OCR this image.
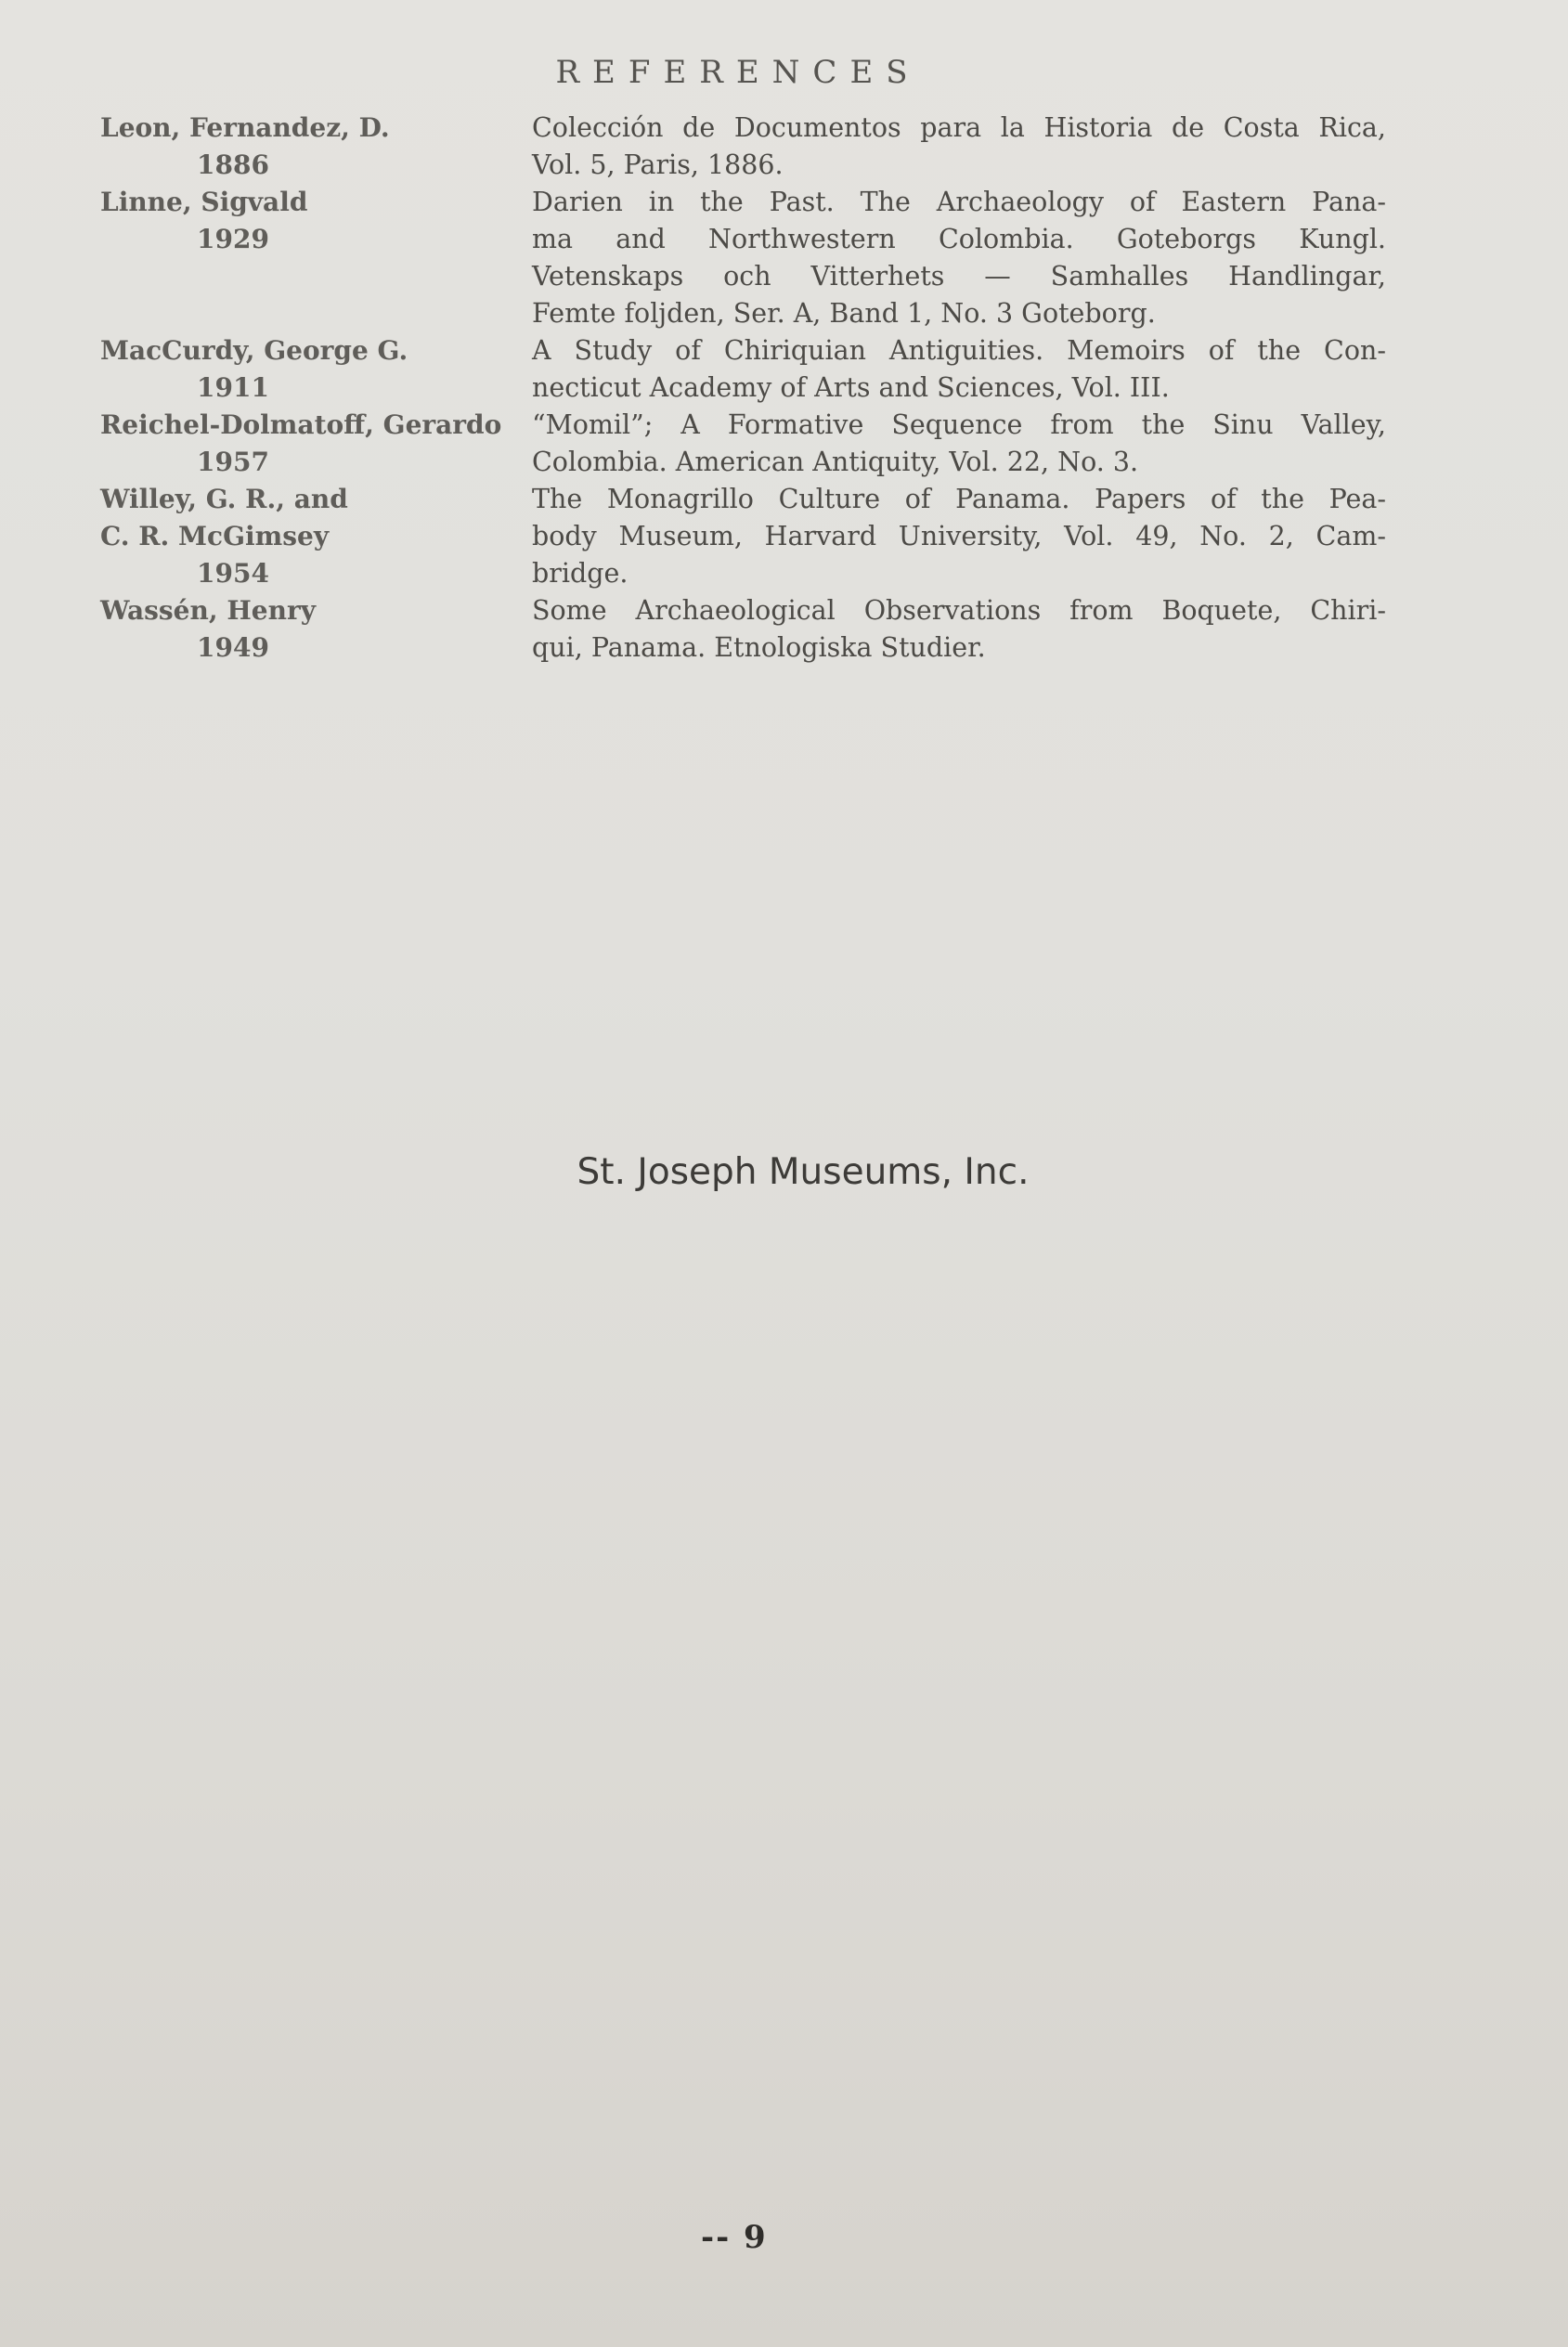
REFERENCES
Leon, Fernandez, D.
1886
Colección de Documentos para la Historia de Costa Rica,
Vol. 5, Paris, 1886.
Linne, Sigvald
1929
Darien in the Past. The Archaeology of Eastern Pana-
ma and Northwestern Colombia. Goteborgs Kungl.
Vetenskaps och Vitterhets — Samhalles Handlingar,
Femte foljden, Ser. A, Band 1, No. 3 Goteborg.
MacCurdy, George G.
1911
A Study of Chiriquian Antiguities. Memoirs of the Con-
necticut Academy of Arts and Sciences, Vol. III.
Reichel-Dolmatoff, Gerardo
1957
“Momil”; A Formative Sequence from the Sinu Valley,
Colombia. American Antiquity, Vol. 22, No. 3.
Willey, G. R., and
C. R. McGimsey
1954
The Monagrillo Culture of Panama. Papers of the Pea-
body Museum, Harvard University, Vol. 49, No. 2, Cam-
bridge.
Wassén, Henry
1949
Some Archaeological Observations from Boquete, Chiri-
qui, Panama. Etnologiska Studier.
St. Joseph Museums, Inc.
-- 9
